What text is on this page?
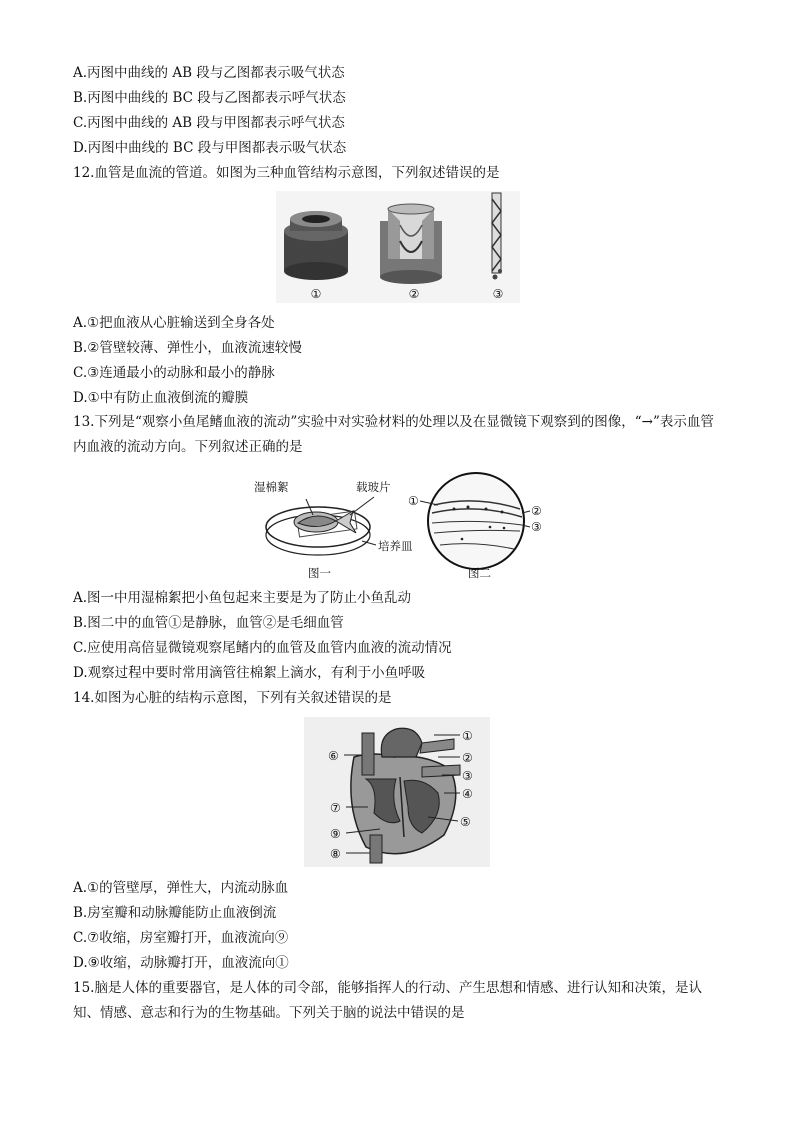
A.丙图中曲线的 AB 段与乙图都表示吸气状态
B.丙图中曲线的 BC 段与乙图都表示呼气状态
C.丙图中曲线的 AB 段与甲图都表示呼气状态
D.丙图中曲线的 BC 段与甲图都表示吸气状态
12.血管是血流的管道。如图为三种血管结构示意图，下列叙述错误的是
①	②	③
A.①把血液从心脏输送到全身各处
B.②管壁较薄、弹性小，血液流速较慢
C.③连通最小的动脉和最小的静脉
D.①中有防止血液倒流的瓣膜
13.下列是“观察小鱼尾鳍血液的流动”实验中对实验材料的处理以及在显微镜下观察到的图像，“→”表示血管内血液的流动方向。下列叙述正确的是
湿棉絮	载玻片
培养皿
图一
①
②
③
图二
A.图一中用湿棉絮把小鱼包起来主要是为了防止小鱼乱动
B.图二中的血管①是静脉，血管②是毛细血管
C.应使用高倍显微镜观察尾鳍内的血管及血管内血液的流动情况
D.观察过程中要时常用滴管往棉絮上滴水，有利于小鱼呼吸
14.如图为心脏的结构示意图，下列有关叙述错误的是
①
②
③
④
⑤
⑥
⑦
⑧
⑨
A.①的管壁厚，弹性大，内流动脉血
B.房室瓣和动脉瓣能防止血液倒流
C.⑦收缩，房室瓣打开，血液流向⑨
D.⑨收缩，动脉瓣打开，血液流向①
15.脑是人体的重要器官，是人体的司令部，能够指挥人的行动、产生思想和情感、进行认知和决策，是认知、情感、意志和行为的生物基础。下列关于脑的说法中错误的是
